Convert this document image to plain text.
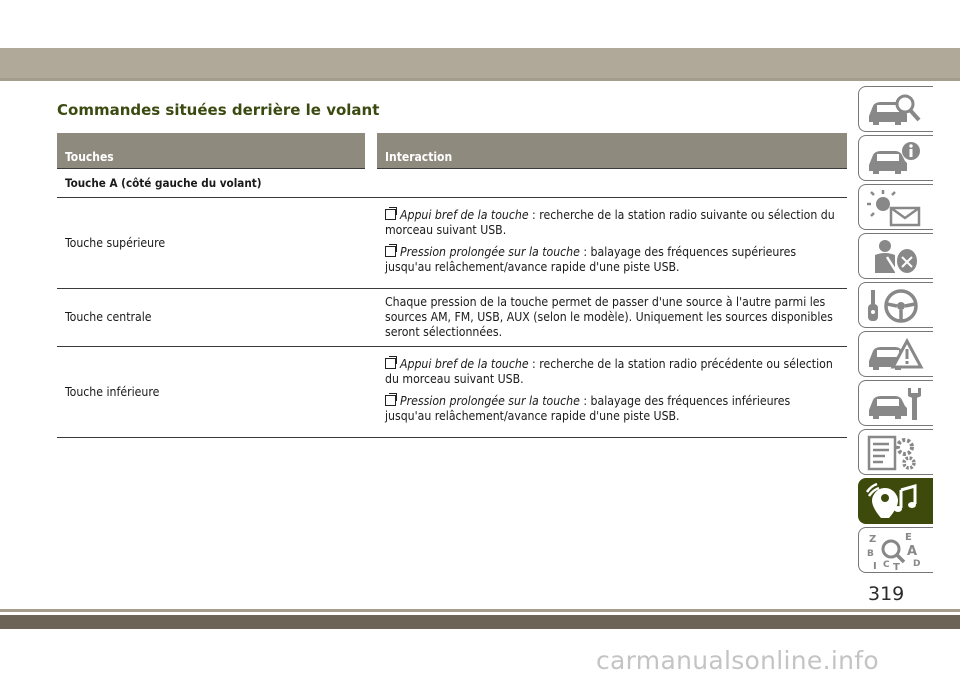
Commandes situées derrière le volant
Touches	Interaction
Touche A (côté gauche du volant)	
Touche supérieure	Appui bref de la touche : recherche de la station radio suivante ou sélection du morceau suivant USB.
Pression prolongée sur la touche : balayage des fréquences supérieures jusqu'au relâchement/avance rapide d'une piste USB.

Touche centrale	Chaque pression de la touche permet de passer d'une source à l'autre parmi les sources AM, FM, USB, AUX (selon le modèle). Uniquement les sources disponibles seront sélectionnées.
Touche inférieure	Appui bref de la touche : recherche de la station radio précédente ou sélection du morceau suivant USB.
Pression prolongée sur la touche : balayage des fréquences inférieures jusqu'au relâchement/avance rapide d'une piste USB.
Z	E
B	A
I C T D
319
carmanualsonline.info
